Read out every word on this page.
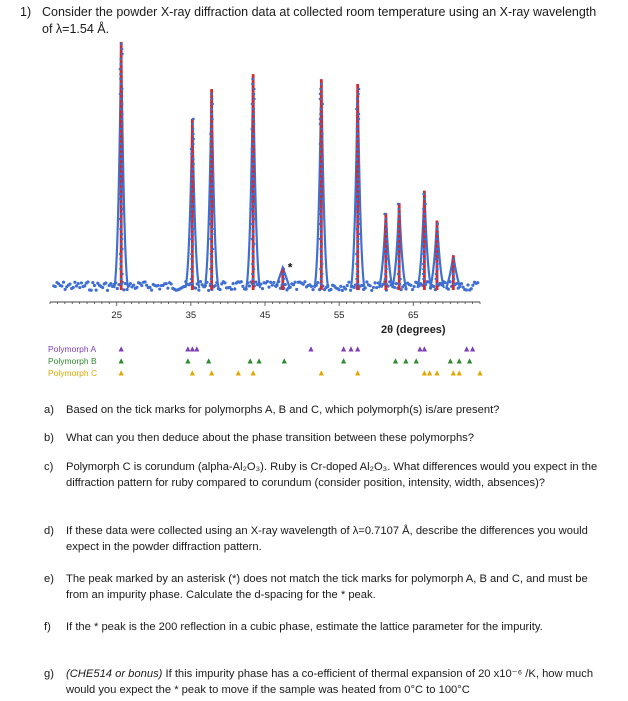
1) Consider the powder X-ray diffraction data at collected room temperature using an X-ray wavelength of λ=1.54 Å.
25	35	45	55	65
2θ (degrees)
*
Polymorph A
Polymorph B
Polymorph C
a) Based on the tick marks for polymorphs A, B and C, which polymorph(s) is/are present?
b) What can you then deduce about the phase transition between these polymorphs?
c) Polymorph C is corundum (alpha-Al₂O₃). Ruby is Cr-doped Al₂O₃. What differences would you expect in the diffraction pattern for ruby compared to corundum (consider position, intensity, width, absences)?
d) If these data were collected using an X-ray wavelength of λ=0.7107 Å, describe the differences you would expect in the powder diffraction pattern.
e) The peak marked by an asterisk (*) does not match the tick marks for polymorph A, B and C, and must be from an impurity phase. Calculate the d-spacing for the * peak.
f) If the * peak is the 200 reflection in a cubic phase, estimate the lattice parameter for the impurity.
g) (CHE514 or bonus) If this impurity phase has a co-efficient of thermal expansion of 20 x10⁻⁶ /K, how much would you expect the * peak to move if the sample was heated from 0°C to 100°C
